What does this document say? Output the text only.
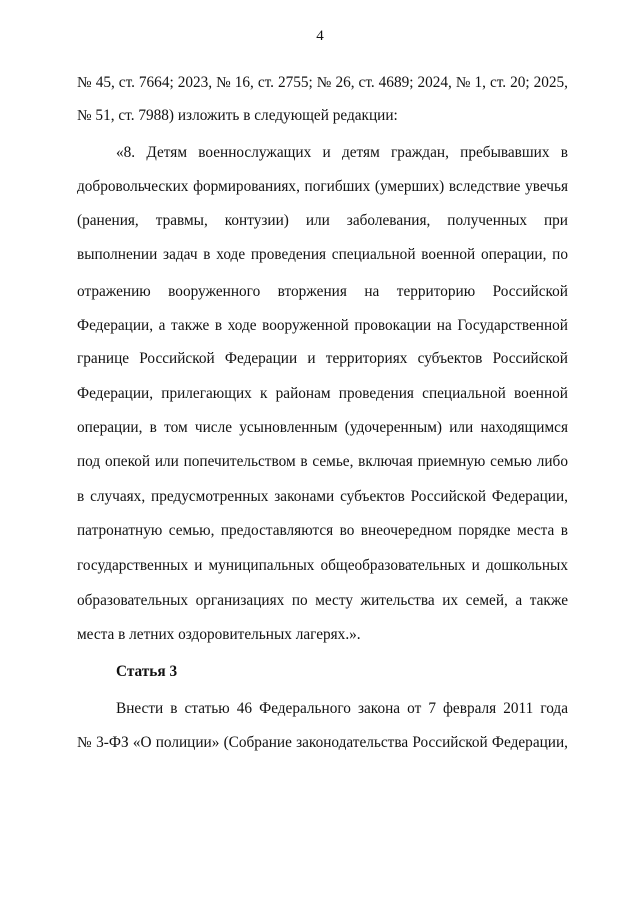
4
№ 45, ст. 7664; 2023, № 16, ст. 2755; № 26, ст. 4689; 2024, № 1, ст. 20; 2025,
№ 51, ст. 7988) изложить в следующей редакции:
«8. Детям военнослужащих и детям граждан, пребывавших в
добровольческих формированиях, погибших (умерших) вследствие увечья
(ранения, травмы, контузии) или заболевания, полученных при
выполнении задач в ходе проведения специальной военной операции, по
отражению вооруженного вторжения на территорию Российской
Федерации, а также в ходе вооруженной провокации на Государственной
границе Российской Федерации и территориях субъектов Российской
Федерации, прилегающих к районам проведения специальной военной
операции, в том числе усыновленным (удочеренным) или находящимся
под опекой или попечительством в семье, включая приемную семью либо
в случаях, предусмотренных законами субъектов Российской Федерации,
патронатную семью, предоставляются во внеочередном порядке места в
государственных и муниципальных общеобразовательных и дошкольных
образовательных организациях по месту жительства их семей, а также
места в летних оздоровительных лагерях.».
Статья 3
Внести в статью 46 Федерального закона от 7 февраля 2011 года
№ 3-ФЗ «О полиции» (Собрание законодательства Российской Федерации,
